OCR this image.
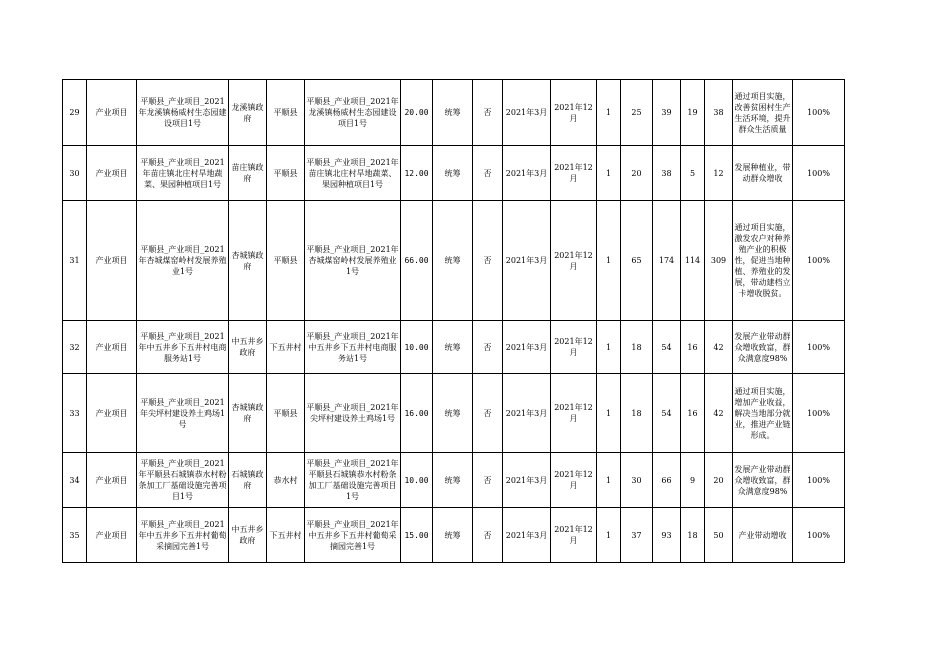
29	产业项目	平顺县_产业项目_2021年龙溪镇杨威村生态园建设项目1号	龙溪镇政府	平顺县	平顺县_产业项目_2021年龙溪镇杨威村生态园建设项目1号	20.00	统筹	否	2021年3月	2021年12月	1	25	39	19	38	通过项目实施，改善贫困村生产生活环境，提升群众生活质量	100%
30	产业项目	平顺县_产业项目_2021年苗庄镇北庄村旱地蔬菜、果园种植项目1号	苗庄镇政府	平顺县	平顺县_产业项目_2021年苗庄镇北庄村旱地蔬菜、果园种植项目1号	12.00	统筹	否	2021年3月	2021年12月	1	20	38	5	12	发展种植业，带动群众增收	100%
31	产业项目	平顺县_产业项目_2021年杏城煤窑岭村发展养殖业1号	杏城镇政府	平顺县	平顺县_产业项目_2021年杏城煤窑岭村发展养殖业1号	66.00	统筹	否	2021年3月	2021年12月	1	65	174	114	309	通过项目实施，激发农户对种养殖产业的积极性，促进当地种植、养殖业的发展，带动建档立卡增收脱贫。	100%
32	产业项目	平顺县_产业项目_2021年中五井乡下五井村电商服务站1号	中五井乡政府	下五井村	平顺县_产业项目_2021年中五井乡下五井村电商服务站1号	10.00	统筹	否	2021年3月	2021年12月	1	18	54	16	42	发展产业带动群众增收致富，群众满意度98%	100%
33	产业项目	平顺县_产业项目_2021年尖坪村建设养土鸡场1号	杏城镇政府	平顺县	平顺县_产业项目_2021年尖坪村建设养土鸡场1号	16.00	统筹	否	2021年3月	2021年12月	1	18	54	16	42	通过项目实施，增加产业收益，解决当地部分就业，推进产业链形成。	100%
34	产业项目	平顺县_产业项目_2021年平顺县石城镇恭水村粉条加工厂基础设施完善项目1号	石城镇政府	恭水村	平顺县_产业项目_2021年平顺县石城镇恭水村粉条加工厂基础设施完善项目1号	10.00	统筹	否	2021年3月	2021年12月	1	30	66	9	20	发展产业带动群众增收致富，群众满意度98%	100%
35	产业项目	平顺县_产业项目_2021年中五井乡下五井村葡萄采摘园完善1号	中五井乡政府	下五井村	平顺县_产业项目_2021年中五井乡下五井村葡萄采摘园完善1号	15.00	统筹	否	2021年3月	2021年12月	1	37	93	18	50	产业带动增收	100%
